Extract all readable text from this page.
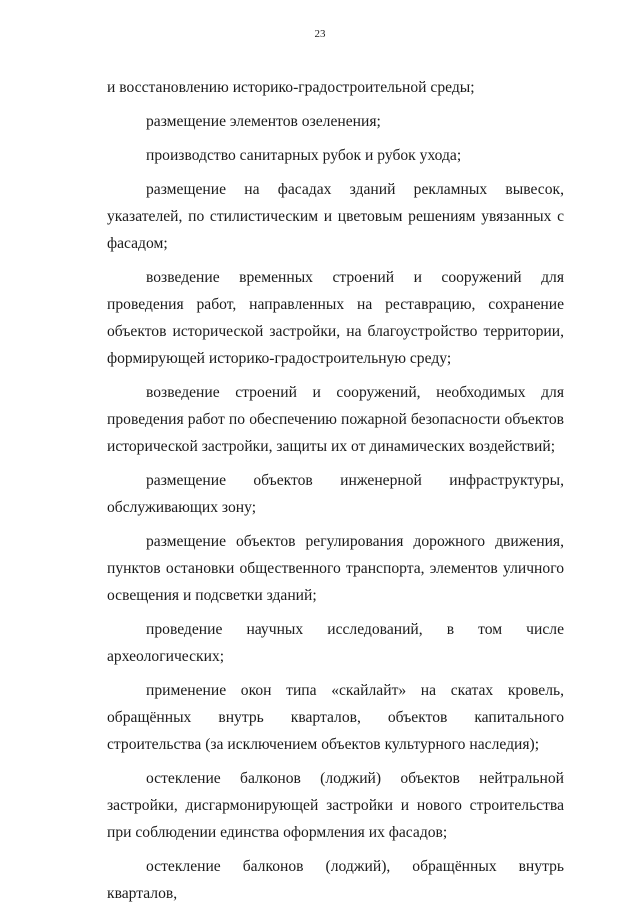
23

и восстановлению историко-градостроительной среды;

размещение элементов озеленения;

производство санитарных рубок и рубок ухода;

размещение на фасадах зданий рекламных вывесок, указателей, по стилистическим и цветовым решениям увязанных с фасадом;

возведение временных строений и сооружений для проведения работ, направленных на реставрацию, сохранение объектов исторической застройки, на благоустройство территории, формирующей историко-градостроительную среду;

возведение строений и сооружений, необходимых для проведения работ по обеспечению пожарной безопасности объектов исторической застройки, защиты их от динамических воздействий;

размещение объектов инженерной инфраструктуры, обслуживающих зону;

размещение объектов регулирования дорожного движения, пунктов остановки общественного транспорта, элементов уличного освещения и подсветки зданий;

проведение научных исследований, в том числе археологических;

применение окон типа «скайлайт» на скатах кровель, обращённых внутрь кварталов, объектов капитального строительства (за исключением объектов культурного наследия);

остекление балконов (лоджий) объектов нейтральной застройки, дисгармонирующей застройки и нового строительства при соблюдении единства оформления их фасадов;

остекление балконов (лоджий), обращённых внутрь кварталов,
